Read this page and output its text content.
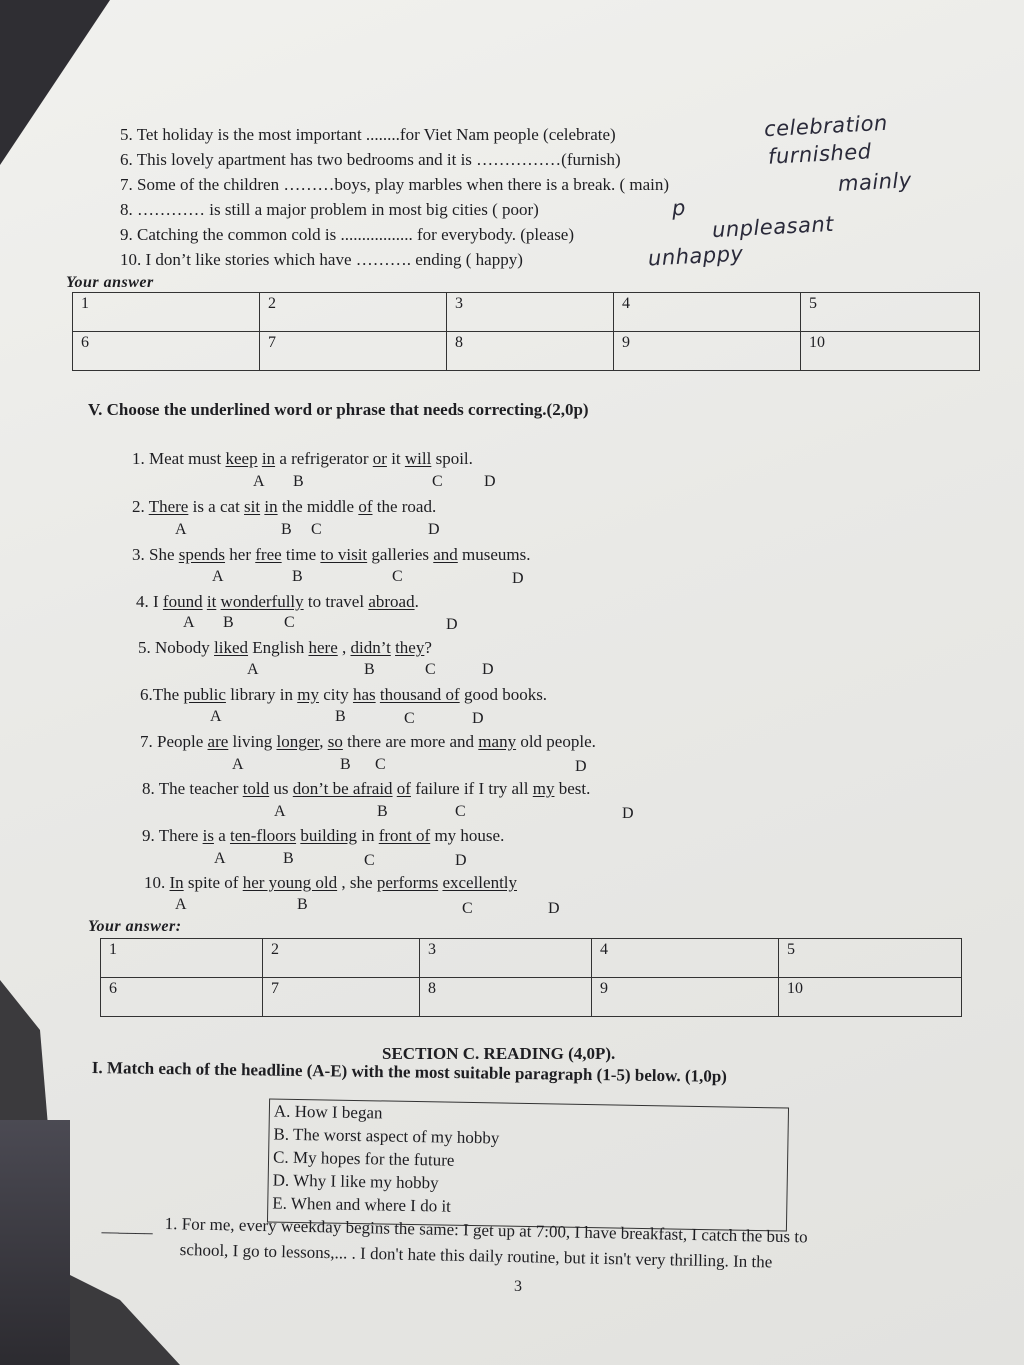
5. Tet holiday is the most important ........for Viet Nam people (celebrate)	celebration
6. This lovely apartment has two bedrooms and it is ……………(furnish)	furnished
7. Some of the children ………boys, play marbles when there is a break. ( main)	mainly
8. ………… is still a major problem in most big cities ( poor)	p
9. Catching the common cold is ................. for everybody. (please)	unpleasant
10. I don’t like stories which have ………. ending ( happy)	unhappy
Your answer
1	2	3	4	5
6	7	8	9	10
V. Choose the underlined word or phrase that needs correcting.(2,0p)
1. Meat must keep in a refrigerator or it will spoil.
A B	C	D
2. There is a cat sit in the middle of the road.
A	B C	D
3. She spends her free time to visit galleries and museums.
A	B	C	D
4. I found it wonderfully to travel abroad.
A B	C	D
5. Nobody liked English here , didn’t they?
A	B	C	D
6.The public library in my city has thousand of good books.
A	B	C	D
7. People are living longer, so there are more and many old people.
A	B C	D
8. The teacher told us don’t be afraid of failure if I try all my best.
A	B	C	D
9. There is a ten-floors building in front of my house.
A	B	C	D
10. In spite of her young old , she performs excellently
A	B	C	D
Your answer:
1	2	3	4	5
6	7	8	9	10
SECTION C. READING (4,0P).
I. Match each of the headline (A-E) with the most suitable paragraph (1-5) below. (1,0p)
A. How I began
B. The worst aspect of my hobby
C. My hopes for the future
D. Why I like my hobby
E. When and where I do it
______ 1. For me, every weekday begins the same: I get up at 7:00, I have breakfast, I catch the bus to
school, I go to lessons,... . I don't hate this daily routine, but it isn't very thrilling. In the
3
